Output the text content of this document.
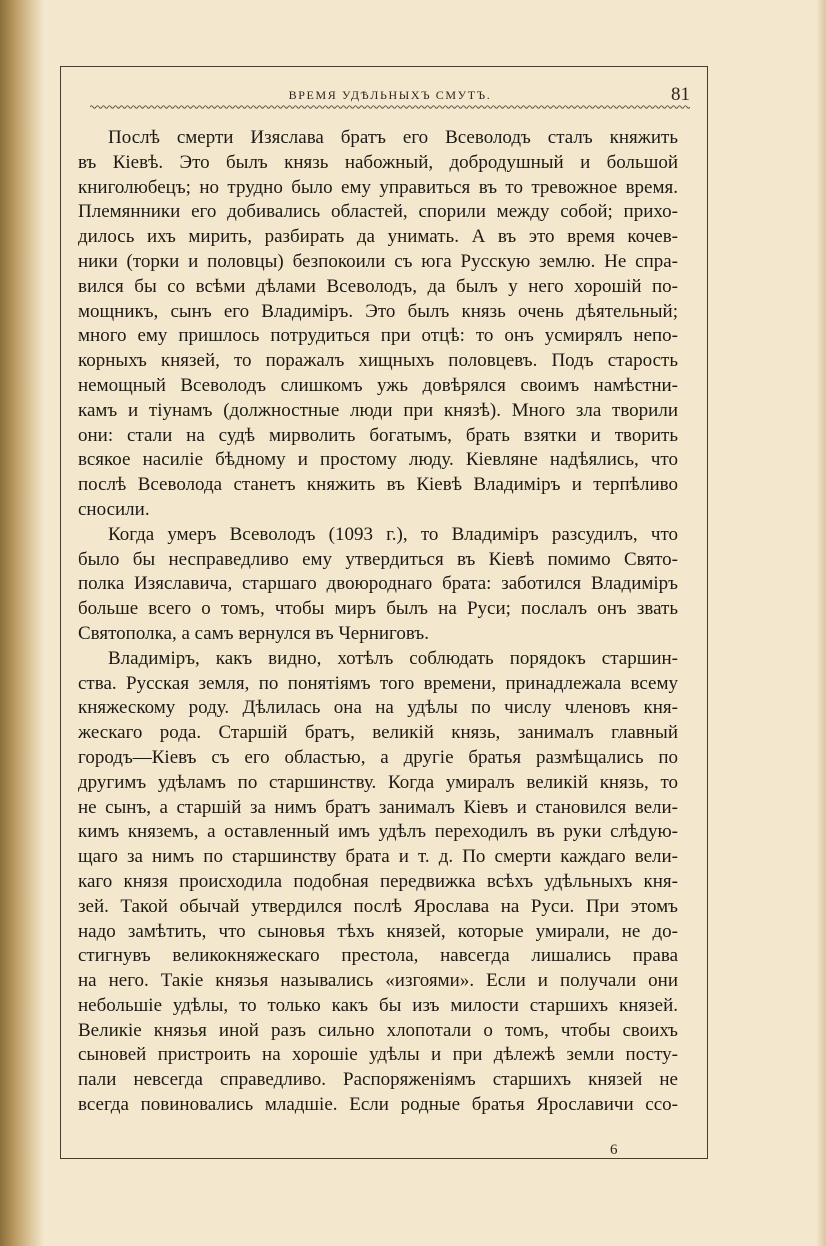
ВРЕМЯ УДѢЛЬНЫХЪ СМУТЪ.	81
Послѣ смерти Изяслава братъ его Всеволодъ сталъ княжить
въ Кіевѣ. Это былъ князь набожный, добродушный и большой
книголюбецъ; но трудно было ему управиться въ то тревожное время.
Племянники его добивались областей, спорили между собой; прихо-
дилось ихъ мирить, разбирать да унимать. А въ это время кочев-
ники (торки и половцы) безпокоили съ юга Русскую землю. Не спра-
вился бы со всѣми дѣлами Всеволодъ, да былъ у него хорошій по-
мощникъ, сынъ его Владиміръ. Это былъ князь очень дѣятельный;
много ему пришлось потрудиться при отцѣ: то онъ усмирялъ непо-
корныхъ князей, то поражалъ хищныхъ половцевъ. Подъ старость
немощный Всеволодъ слишкомъ ужь довѣрялся своимъ намѣстни-
камъ и тіунамъ (должностные люди при князѣ). Много зла творили
они: стали на судѣ мирволить богатымъ, брать взятки и творить
всякое насиліе бѣдному и простому люду. Кіевляне надѣялись, что
послѣ Всеволода станетъ княжить въ Кіевѣ Владиміръ и терпѣливо
сносили.
Когда умеръ Всеволодъ (1093 г.), то Владиміръ разсудилъ, что
было бы несправедливо ему утвердиться въ Кіевѣ помимо Свято-
полка Изяславича, старшаго двоюроднаго брата: заботился Владиміръ
больше всего о томъ, чтобы миръ былъ на Руси; послалъ онъ звать
Святополка, а самъ вернулся въ Черниговъ.
Владиміръ, какъ видно, хотѣлъ соблюдать порядокъ старшин-
ства. Русская земля, по понятіямъ того времени, принадлежала всему
княжескому роду. Дѣлилась она на удѣлы по числу членовъ кня-
жескаго рода. Старшій братъ, великій князь, занималъ главный
городъ—Кіевъ съ его областью, а другіе братья размѣщались по
другимъ удѣламъ по старшинству. Когда умиралъ великій князь, то
не сынъ, а старшій за нимъ братъ занималъ Кіевъ и становился вели-
кимъ княземъ, а оставленный имъ удѣлъ переходилъ въ руки слѣдую-
щаго за нимъ по старшинству брата и т. д. По смерти каждаго вели-
каго князя происходила подобная передвижка всѣхъ удѣльныхъ кня-
зей. Такой обычай утвердился послѣ Ярослава на Руси. При этомъ
надо замѣтить, что сыновья тѣхъ князей, которые умирали, не до-
стигнувъ великокняжескаго престола, навсегда лишались права
на него. Такіе князья назывались «изгоями». Если и получали они
небольшіе удѣлы, то только какъ бы изъ милости старшихъ князей.
Великіе князья иной разъ сильно хлопотали о томъ, чтобы своихъ
сыновей пристроить на хорошіе удѣлы и при дѣлежѣ земли посту-
пали невсегда справедливо. Распоряженіямъ старшихъ князей не
всегда повиновались младшіе. Если родные братья Ярославичи ссо-
6
